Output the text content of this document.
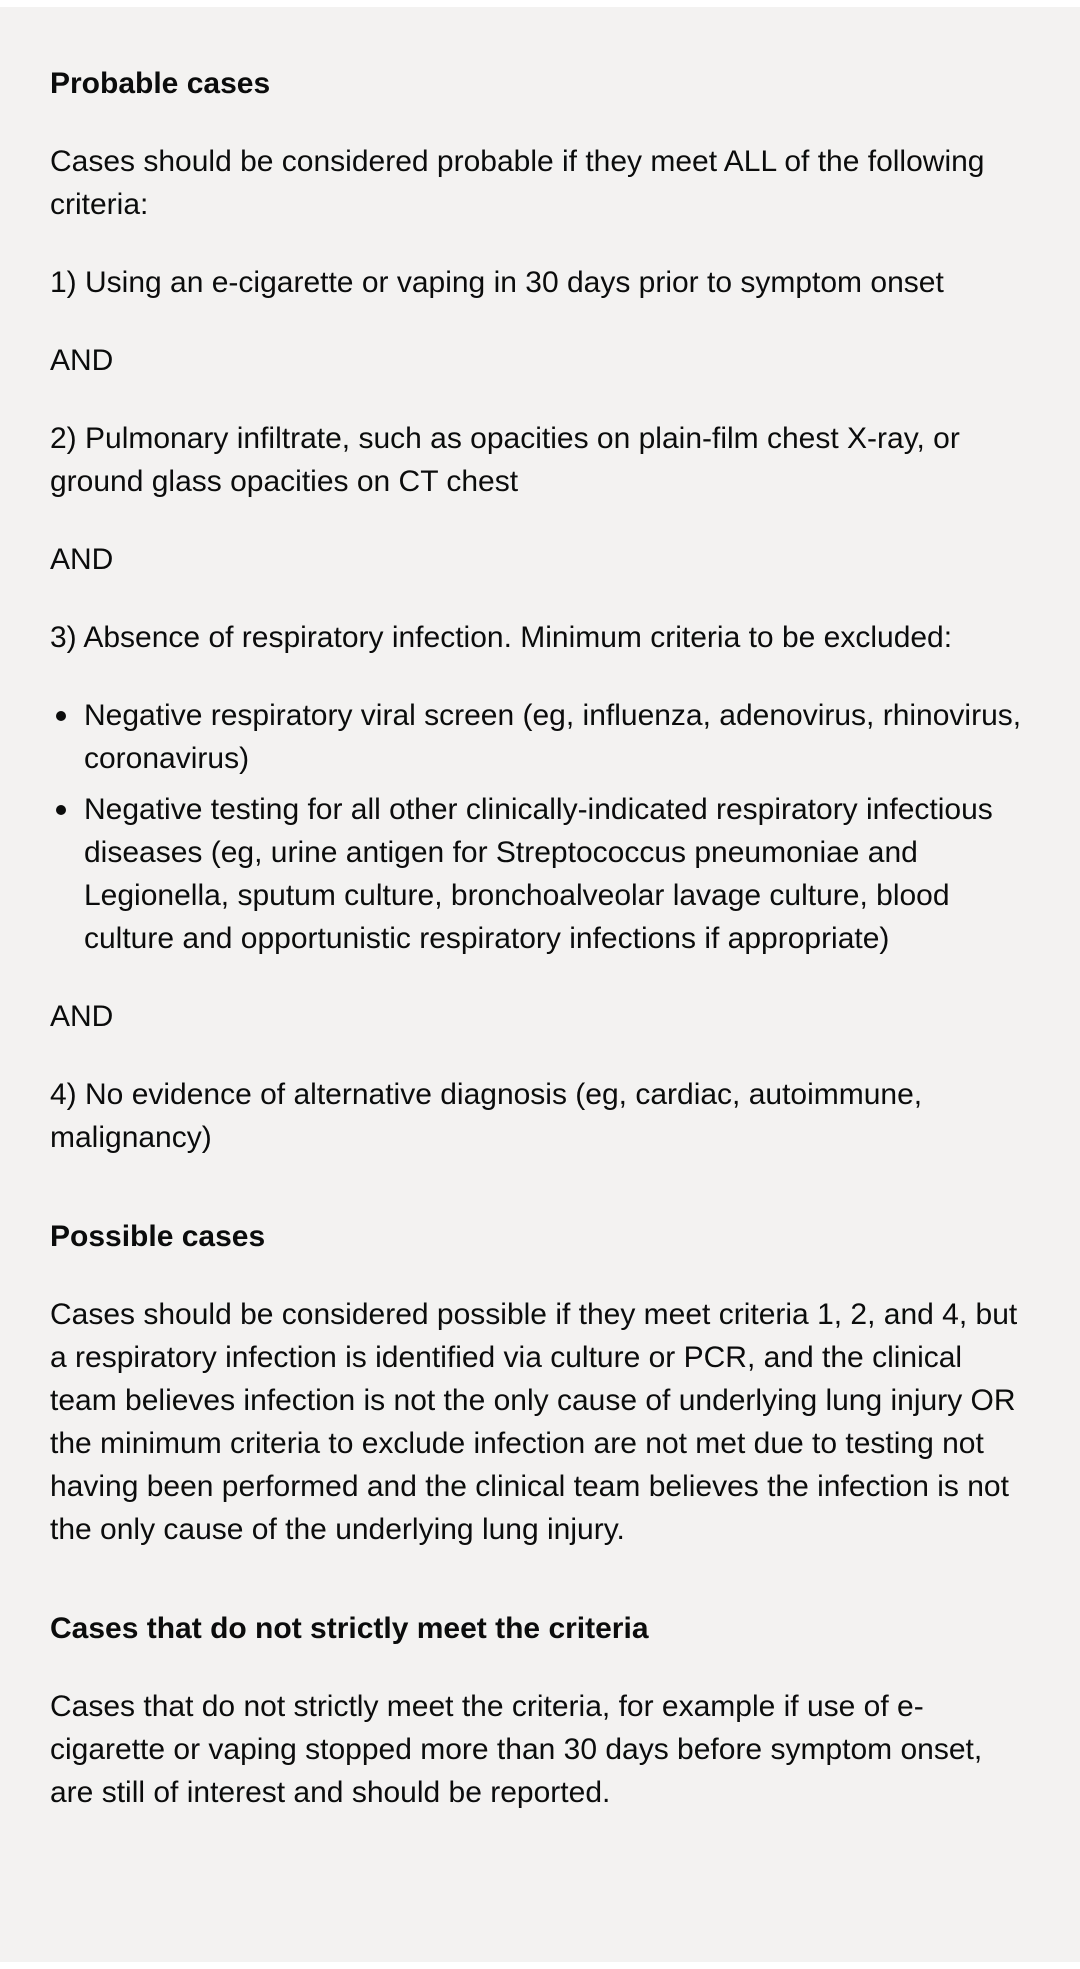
Probable cases

Cases should be considered probable if they meet ALL of the following criteria:

1) Using an e-cigarette or vaping in 30 days prior to symptom onset

AND

2) Pulmonary infiltrate, such as opacities on plain-film chest X-ray, or ground glass opacities on CT chest

AND

3) Absence of respiratory infection. Minimum criteria to be excluded:

Negative respiratory viral screen (eg, influenza, adenovirus, rhinovirus, coronavirus)
Negative testing for all other clinically-indicated respiratory infectious diseases (eg, urine antigen for Streptococcus pneumoniae and Legionella, sputum culture, bronchoalveolar lavage culture, blood culture and opportunistic respiratory infections if appropriate)

AND

4) No evidence of alternative diagnosis (eg, cardiac, autoimmune, malignancy)

Possible cases

Cases should be considered possible if they meet criteria 1, 2, and 4, but a respiratory infection is identified via culture or PCR, and the clinical team believes infection is not the only cause of underlying lung injury OR the minimum criteria to exclude infection are not met due to testing not having been performed and the clinical team believes the infection is not the only cause of the underlying lung injury.

Cases that do not strictly meet the criteria

Cases that do not strictly meet the criteria, for example if use of e-cigarette or vaping stopped more than 30 days before symptom onset, are still of interest and should be reported.
